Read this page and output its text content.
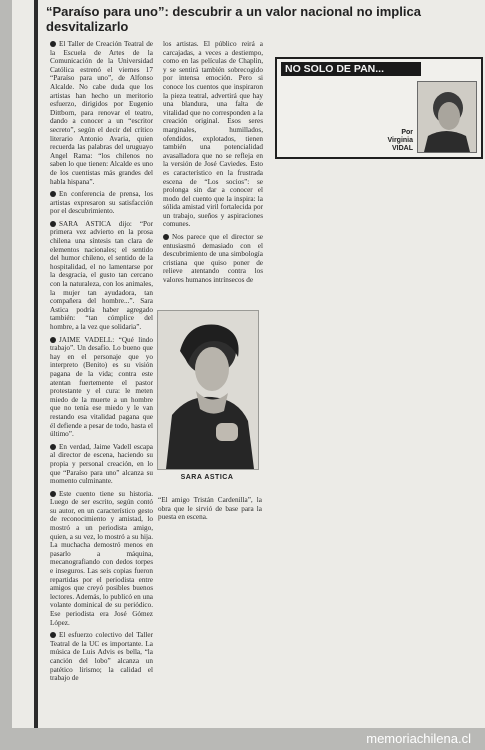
“Paraíso para uno”: descubrir a un valor nacional no implica desvitalizarlo

El Taller de Creación Teatral de la Escuela de Artes de la Comunicación de la Universidad Católica estrenó el viernes 17 “Paraíso para uno”, de Alfonso Alcalde. No cabe duda que los artistas han hecho un meritorio esfuerzo, dirigidos por Eugenio Dittborn, para renovar el teatro, dando a conocer a un “escritor secreto”, según el decir del crítico literario Antonio Avaria, quien recuerda las palabras del uruguayo Angel Rama: “los chilenos no saben lo que tienen: Alcalde es uno de los cuentistas más grandes del habla hispana”.

En conferencia de prensa, los artistas expresaron su satisfacción por el descubrimiento.

SARA ASTICA dijo: “Por primera vez advierto en la prosa chilena una síntesis tan clara de elementos nacionales; el sentido del humor chileno, el sentido de la hospitalidad, el no lamentarse por la desgracia, el gusto tan cercano con la naturaleza, con los animales, la mujer tan ayudadora, tan compañera del hombre...”. Sara Astica podría haber agregado también: “tan cómplice del hombre, a la vez que solidaria”.

JAIME VADELL: “Qué lindo trabajo”. Un desafío. Lo bueno que hay en el personaje que yo interpreto (Benito) es su visión pagana de la vida; contra este atentan fuertemente el pastor protestante y el cura: le meten miedo de la muerte a un hombre que no tenía ese miedo y le van restando esa vitalidad pagana que él defiende a pesar de todo, hasta el último”.

En verdad, Jaime Vadell escapa al director de escena, haciendo su propia y personal creación, en lo que “Paraíso para uno” alcanza su momento culminante.

Este cuento tiene su historia. Luego de ser escrito, según contó su autor, en un característico gesto de reconocimiento y amistad, lo mostró a un periodista amigo, quien, a su vez, lo mostró a su hija. La muchacha demostró menos en pasarlo a máquina, mecanografiando con dedos torpes e inseguros. Las seis copias fueron repartidas por el periodista entre amigos que creyó posibles buenos lectores. Además, lo publicó en una volante dominical de su periódico. Ese periodista era José Gómez López.

El esfuerzo colectivo del Taller Teatral de la UC es importante. La música de Luis Advis es bella, “la canción del lobo” alcanza un patético lirismo; la calidad el trabajo de

los artistas. El público reirá a carcajadas, a veces a destiempo, como en las películas de Chaplin, y se sentirá también sobrecogido por intensa emoción. Pero si conoce los cuentos que inspiraron la pieza teatral, advertirá que hay una blandura, una falta de vitalidad que no corresponden a la creación original. Esos seres marginales, humillados, ofendidos, explotados, tienen también una potencialidad avasalladora que no se refleja en la versión de José Caviedes. Esto es característico en la frustrada escena de “Los socios”: se prolonga sin dar a conocer el modo del cuento que la inspira: la sólida amistad viril fortalecida por un trabajo, sueños y aspiraciones comunes.

Nos parece que el director se entusiasmó demasiado con el descubrimiento de una simbología cristiana que quiso poner de relieve atentando contra los valores humanos intrínsecos de

SARA ASTICA

“El amigo Tristán Cardenilla”, la obra que le sirvió de base para la puesta en escena.

NO SOLO DE PAN...
Por
Virginia
VIDAL
memoriachilena.cl
